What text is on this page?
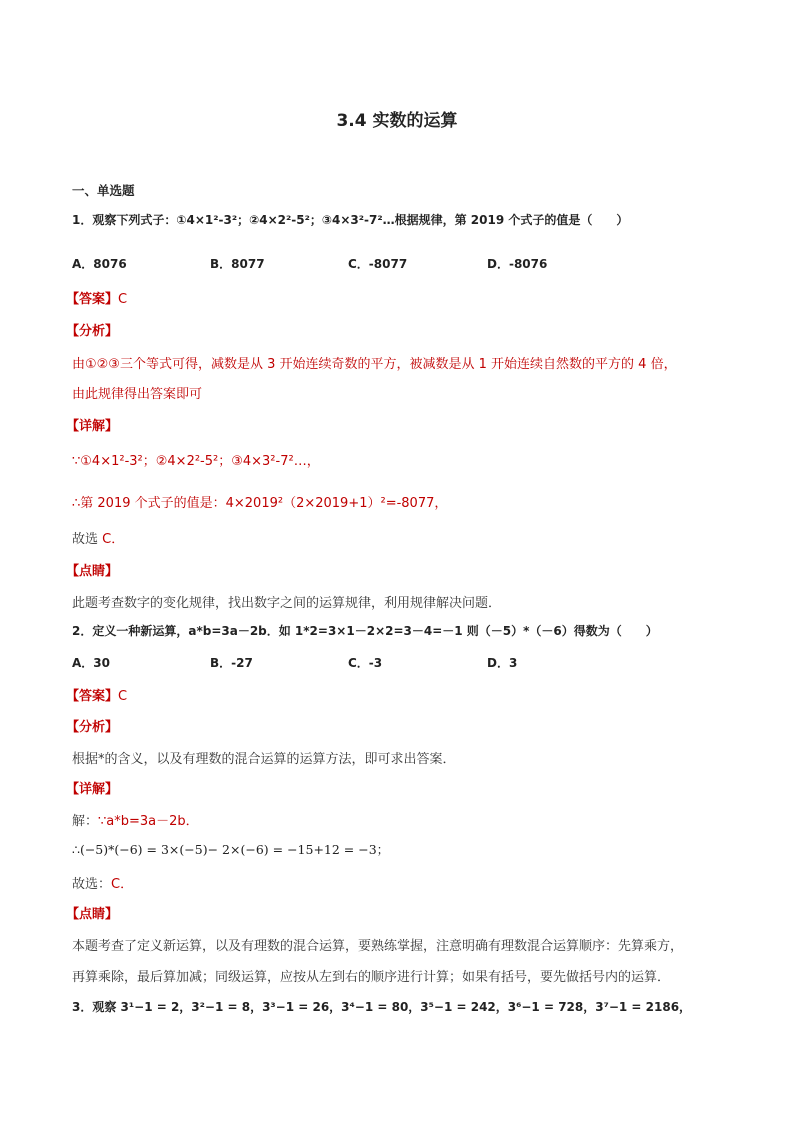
3.4 实数的运算
一、单选题
1．观察下列式子：①4×1²-3²；②4×2²-5²；③4×3²-7²…根据规律，第 2019 个式子的值是（　　）
A．8076	B．8077	C．-8077	D．-8076
【答案】C
【分析】
由①②③三个等式可得，减数是从 3 开始连续奇数的平方，被减数是从 1 开始连续自然数的平方的 4 倍，
由此规律得出答案即可
【详解】
∵①4×1²-3²；②4×2²-5²；③4×3²-7²…，
∴第 2019 个式子的值是：4×2019²（2×2019+1）²=-8077，
故选 C．
【点睛】
此题考查数字的变化规律，找出数字之间的运算规律，利用规律解决问题．
2．定义一种新运算，a*b=3a－2b．如 1*2=3×1－2×2=3－4=－1 则（－5）*（－6）得数为（　　）
A．30	B．-27	C．-3	D．3
【答案】C
【分析】
根据*的含义，以及有理数的混合运算的运算方法，即可求出答案．
【详解】
解：∵a*b=3a－2b．
∴(−5)*(−6) = 3×(−5)− 2×(−6) = −15+12 = −3；
故选：C．
【点睛】
本题考查了定义新运算，以及有理数的混合运算，要熟练掌握，注意明确有理数混合运算顺序：先算乘方，
再算乘除，最后算加减；同级运算，应按从左到右的顺序进行计算；如果有括号，要先做括号内的运算．
3．观察 3¹−1 = 2，3²−1 = 8，3³−1 = 26，3⁴−1 = 80，3⁵−1 = 242，3⁶−1 = 728，3⁷−1 = 2186，
